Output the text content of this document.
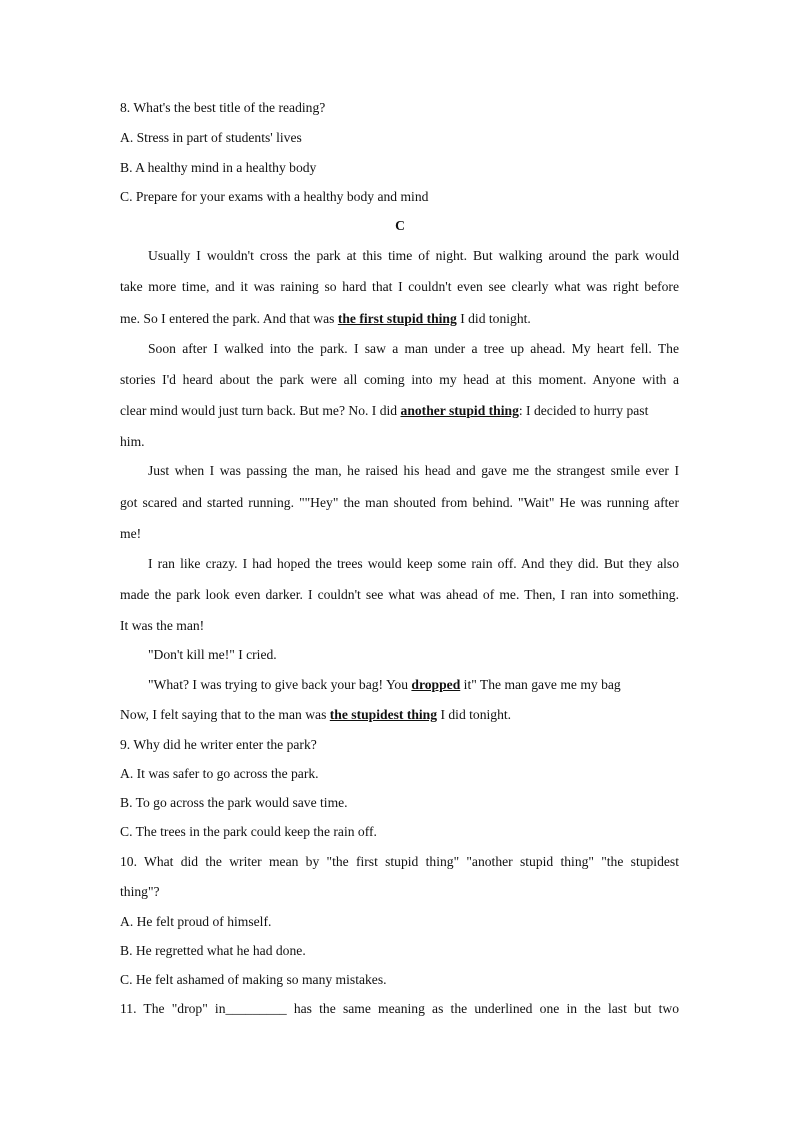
8. What's the best title of the reading?
A. Stress in part of students' lives
B. A healthy mind in a healthy body
C. Prepare for your exams with a healthy body and mind
C
Usually I wouldn't cross the park at this time of night. But walking around the park would
take more time, and it was raining so hard that I couldn't even see clearly what was right before
me. So I entered the park. And that was the first stupid thing I did tonight.
Soon after I walked into the park. I saw a man under a tree up ahead. My heart fell. The
stories I'd heard about the park were all coming into my head at this moment. Anyone with a
clear mind would just turn back. But me? No. I did another stupid thing: I decided to hurry past
him.
Just when I was passing the man, he raised his head and gave me the strangest smile ever I
got scared and started running. ""Hey" the man shouted from behind. "Wait" He was running after
me!
I ran like crazy. I had hoped the trees would keep some rain off. And they did. But they also
made the park look even darker. I couldn't see what was ahead of me. Then, I ran into something.
It was the man!
"Don't kill me!" I cried.
"What? I was trying to give back your bag! You dropped it" The man gave me my bag
Now, I felt saying that to the man was the stupidest thing I did tonight.
9. Why did he writer enter the park?
A. It was safer to go across the park.
B. To go across the park would save time.
C. The trees in the park could keep the rain off.
10. What did the writer mean by "the first stupid thing" "another stupid thing" "the stupidest
thing"?
A. He felt proud of himself.
B. He regretted what he had done.
C. He felt ashamed of making so many mistakes.
11. The "drop" in_________ has the same meaning as the underlined one in the last but two
